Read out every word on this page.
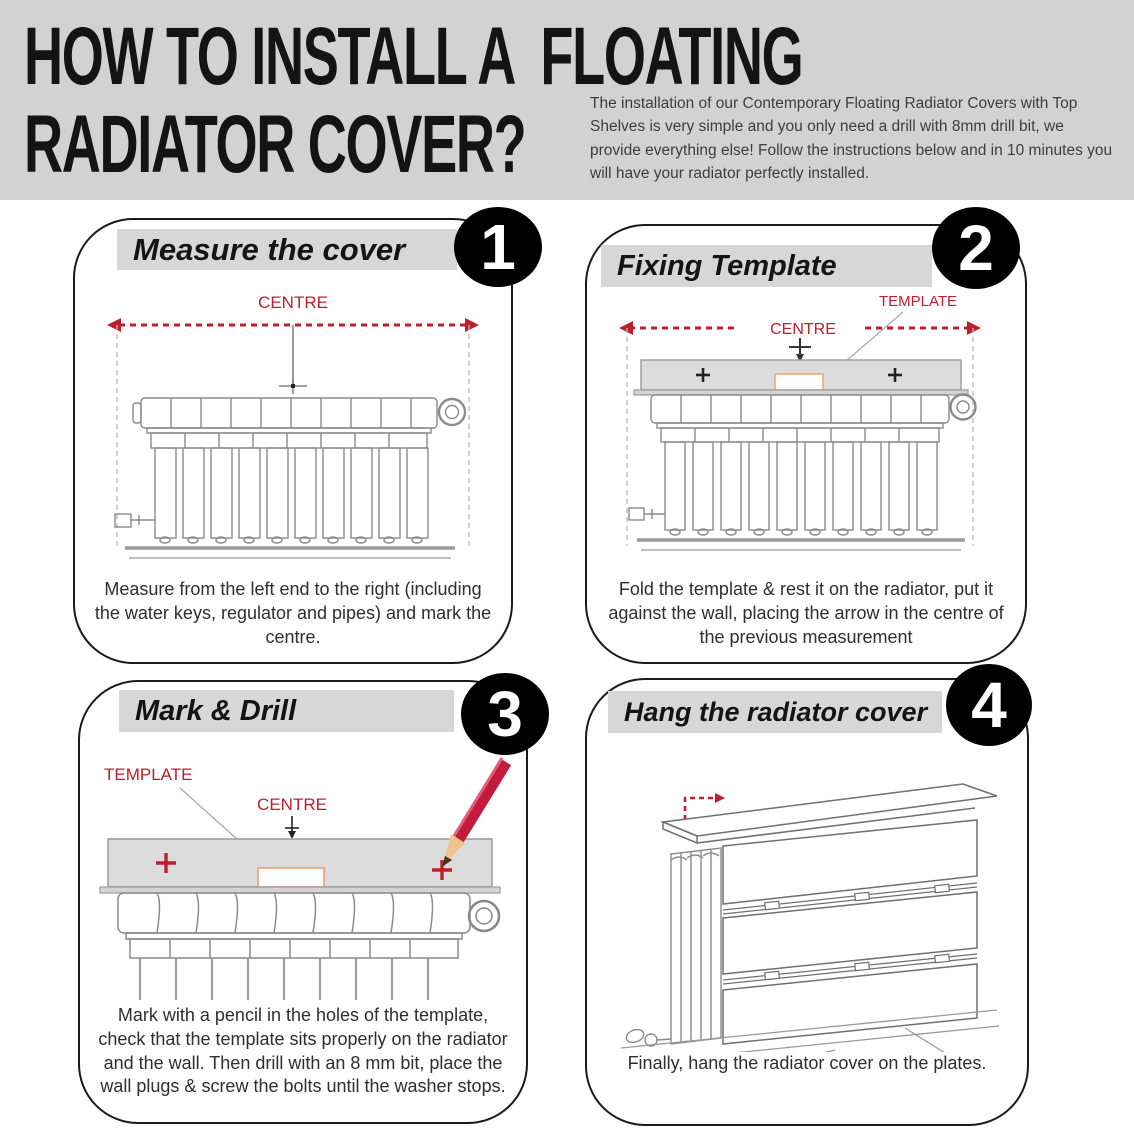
HOW TO INSTALL A  FLOATING
RADIATOR COVER?	The installation of our Contemporary Floating Radiator Covers with Top Shelves is very simple and you only need a drill with 8mm drill bit, we provide everything else! Follow the instructions below and in 10 minutes you will have your radiator perfectly installed.
Measure the cover	1
CENTRE
Measure from the left end to the right (including the water keys, regulator and pipes) and mark the centre.
Fixing Template	2
TEMPLATE
CENTRE
Fold the template & rest it on the radiator, put it against the wall, placing the arrow in the centre of the previous measurement
Mark & Drill	3
TEMPLATE
CENTRE
Mark with a pencil in the holes of the template, check that the template sits properly on the radiator and the wall. Then drill with an 8 mm bit, place the wall plugs & screw the bolts until the washer stops.
Hang the radiator cover 4
Finally, hang the radiator cover on the plates.
